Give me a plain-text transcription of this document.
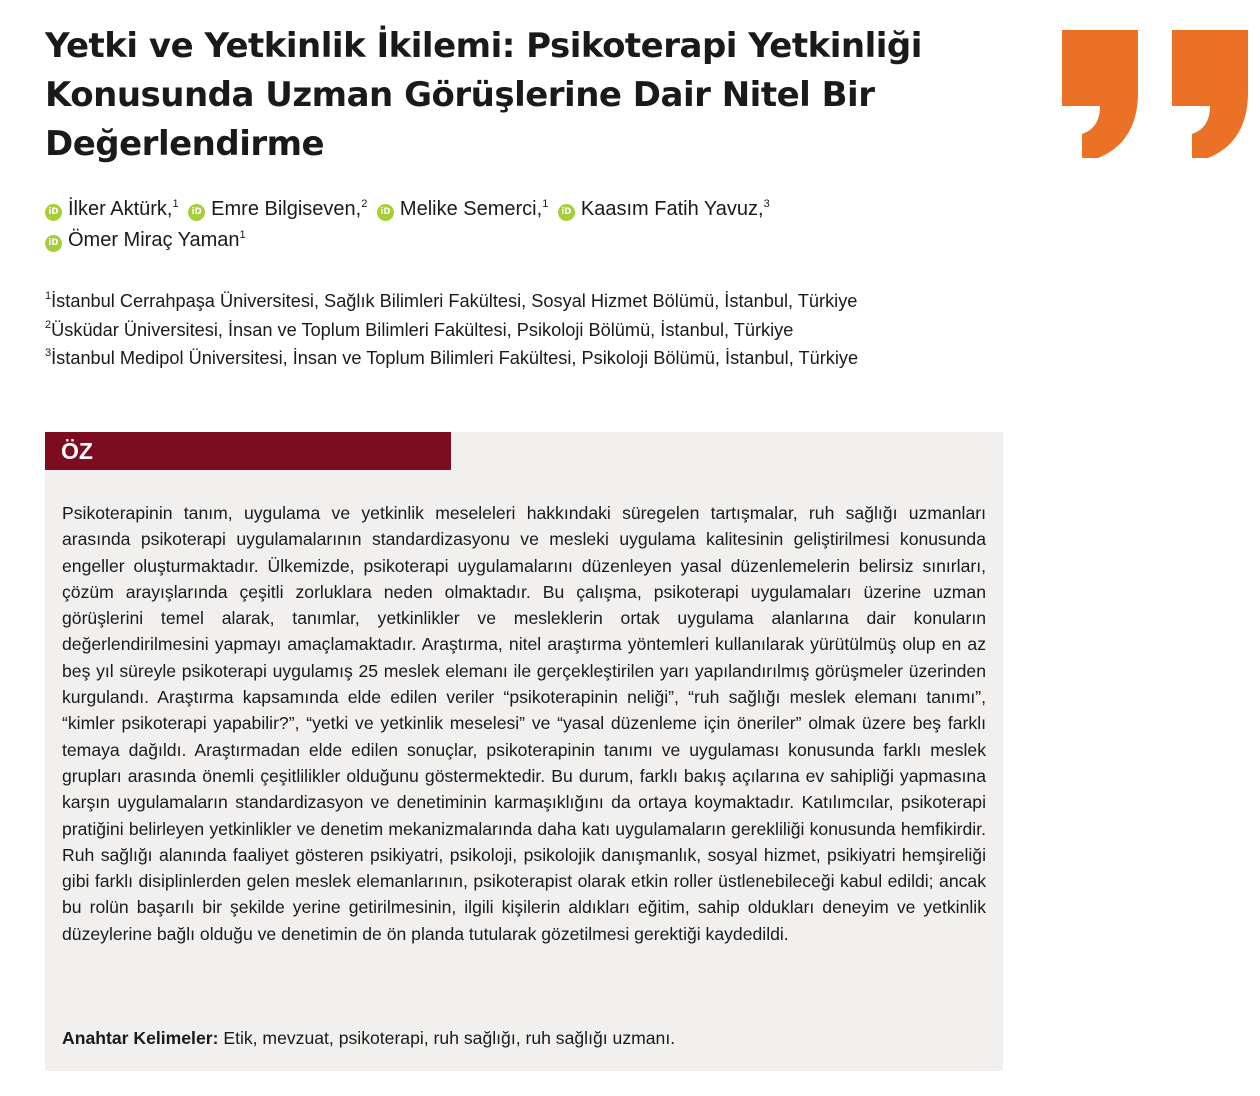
Yetki ve Yetkinlik İkilemi: Psikoterapi Yetkinliği Konusunda Uzman Görüşlerine Dair Nitel Bir Değerlendirme
iD İlker Aktürk,$^1$ iD Emre Bilgiseven,$^2$ iD Melike Semerci,$^1$ iD Kaasım Fatih Yavuz,$^3$
iD Ömer Miraç Yaman$^1$
$^1$İstanbul Cerrahpaşa Üniversitesi, Sağlık Bilimleri Fakültesi, Sosyal Hizmet Bölümü, İstanbul, Türkiye
$^2$Üsküdar Üniversitesi, İnsan ve Toplum Bilimleri Fakültesi, Psikoloji Bölümü, İstanbul, Türkiye
$^3$İstanbul Medipol Üniversitesi, İnsan ve Toplum Bilimleri Fakültesi, Psikoloji Bölümü, İstanbul, Türkiye
ÖZ

Psikoterapinin tanım, uygulama ve yetkinlik meseleleri hakkındaki süregelen tartışmalar, ruh sağlığı uzmanları arasında psikoterapi uygulamalarının standardizasyonu ve mesleki uygulama kalitesinin geliştirilmesi konusunda engeller oluşturmaktadır. Ülkemizde, psikoterapi uygulamalarını düzenleyen yasal düzenlemelerin belirsiz sınırları, çözüm arayışlarında çeşitli zorluklara neden olmaktadır. Bu çalışma, psikoterapi uygulamaları üzerine uzman görüşlerini temel alarak, tanımlar, yetkinlikler ve mesleklerin ortak uygulama alanlarına dair konuların değerlendirilmesini yapmayı amaçlamaktadır. Araştırma, nitel araştırma yöntemleri kullanılarak yürütülmüş olup en az beş yıl süreyle psikoterapi uygulamış 25 meslek elemanı ile gerçekleştirilen yarı yapılandırılmış görüşmeler üzerinden kurgulandı. Araştırma kapsamında elde edilen veriler “psikoterapinin neliği”, “ruh sağlığı meslek elemanı tanımı”, “kimler psikoterapi yapabilir?”, “yetki ve yetkinlik meselesi” ve “yasal düzenleme için öneriler” olmak üzere beş farklı temaya dağıldı. Araştırmadan elde edilen sonuçlar, psikoterapinin tanımı ve uygulaması konusunda farklı meslek grupları arasında önemli çeşitlilikler olduğunu göstermektedir. Bu durum, farklı bakış açılarına ev sahipliği yapmasına karşın uygulamaların standardizasyon ve denetiminin karmaşıklığını da ortaya koymaktadır. Katılımcılar, psikoterapi pratiğini belirleyen yetkinlikler ve denetim mekanizmalarında daha katı uygulamaların gerekliliği konusunda hemfikirdir. Ruh sağlığı alanında faaliyet gösteren psikiyatri, psikoloji, psikolojik danışmanlık, sosyal hizmet, psikiyatri hemşireliği gibi farklı disiplinlerden gelen meslek elemanlarının, psikoterapist olarak etkin roller üstlenebileceği kabul edildi; ancak bu rolün başarılı bir şekilde yerine getirilmesinin, ilgili kişilerin aldıkları eğitim, sahip oldukları deneyim ve yetkinlik düzeylerine bağlı olduğu ve denetimin de ön planda tutularak gözetilmesi gerektiği kaydedildi.

Anahtar Kelimeler: Etik, mevzuat, psikoterapi, ruh sağlığı, ruh sağlığı uzmanı.
